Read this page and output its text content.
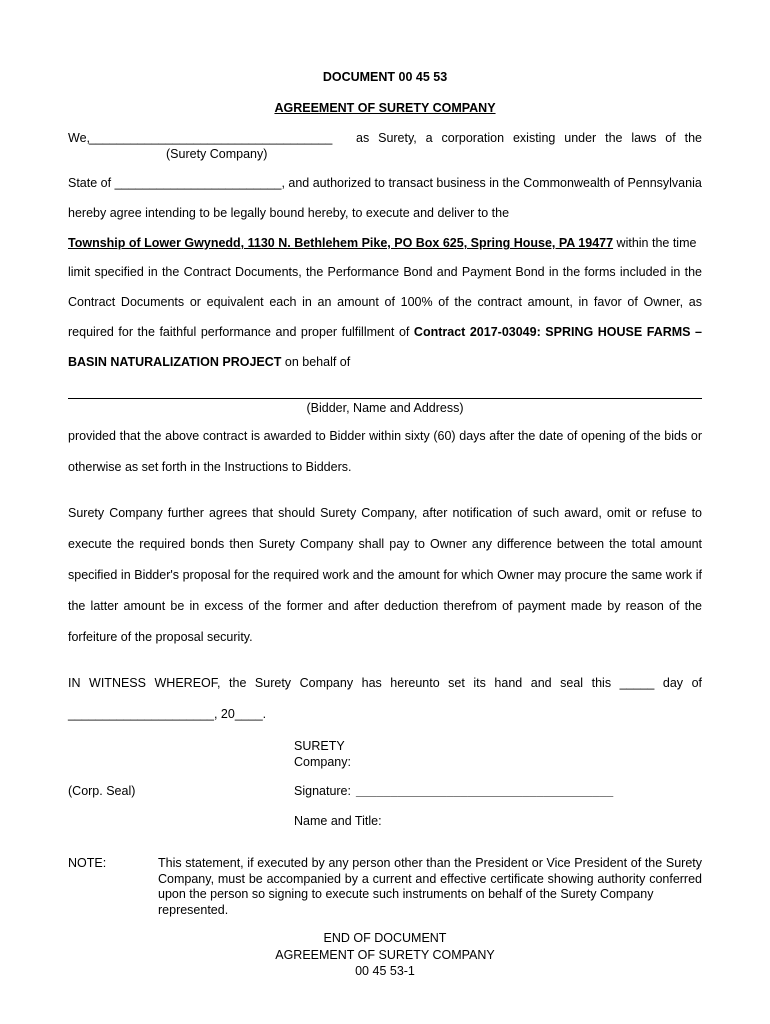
DOCUMENT 00 45 53
AGREEMENT OF SURETY COMPANY
We, ___________________________________ as Surety, a corporation existing under the laws of the
(Surety Company)
State of ________________________, and authorized to transact business in the Commonwealth of Pennsylvania
hereby agree intending to be legally bound hereby, to execute and deliver to the
Township of Lower Gwynedd, 1130 N. Bethlehem Pike, PO Box 625, Spring House, PA 19477 within the time
limit specified in the Contract Documents, the Performance Bond and Payment Bond in the forms included in the
Contract Documents or equivalent each in an amount of 100% of the contract amount, in favor of Owner, as
required for the faithful performance and proper fulfillment of Contract 2017-03049: SPRING HOUSE FARMS –
BASIN NATURALIZATION PROJECT on behalf of
(Bidder, Name and Address)
provided that the above contract is awarded to Bidder within sixty (60) days after the date of opening of the bids or
otherwise as set forth in the Instructions to Bidders.
Surety Company further agrees that should Surety Company, after notification of such award, omit or refuse to
execute the required bonds then Surety Company shall pay to Owner any difference between the total amount
specified in Bidder's proposal for the required work and the amount for which Owner may procure the same work if
the latter amount be in excess of the former and after deduction therefrom of payment made by reason of the
forfeiture of the proposal security.
IN WITNESS WHEREOF, the Surety Company has hereunto set its hand and seal this _____ day of
_____________________, 20____.
SURETY
Company:
(Corp. Seal)	Signature: _____________________________________
Name and Title:
NOTE:	This statement, if executed by any person other than the President or Vice President of the Surety Company, must be accompanied by a current and effective certificate showing authority conferred upon the person so signing to execute such instruments on behalf of the Surety Company
represented.
END OF DOCUMENT
AGREEMENT OF SURETY COMPANY
00 45 53-1
